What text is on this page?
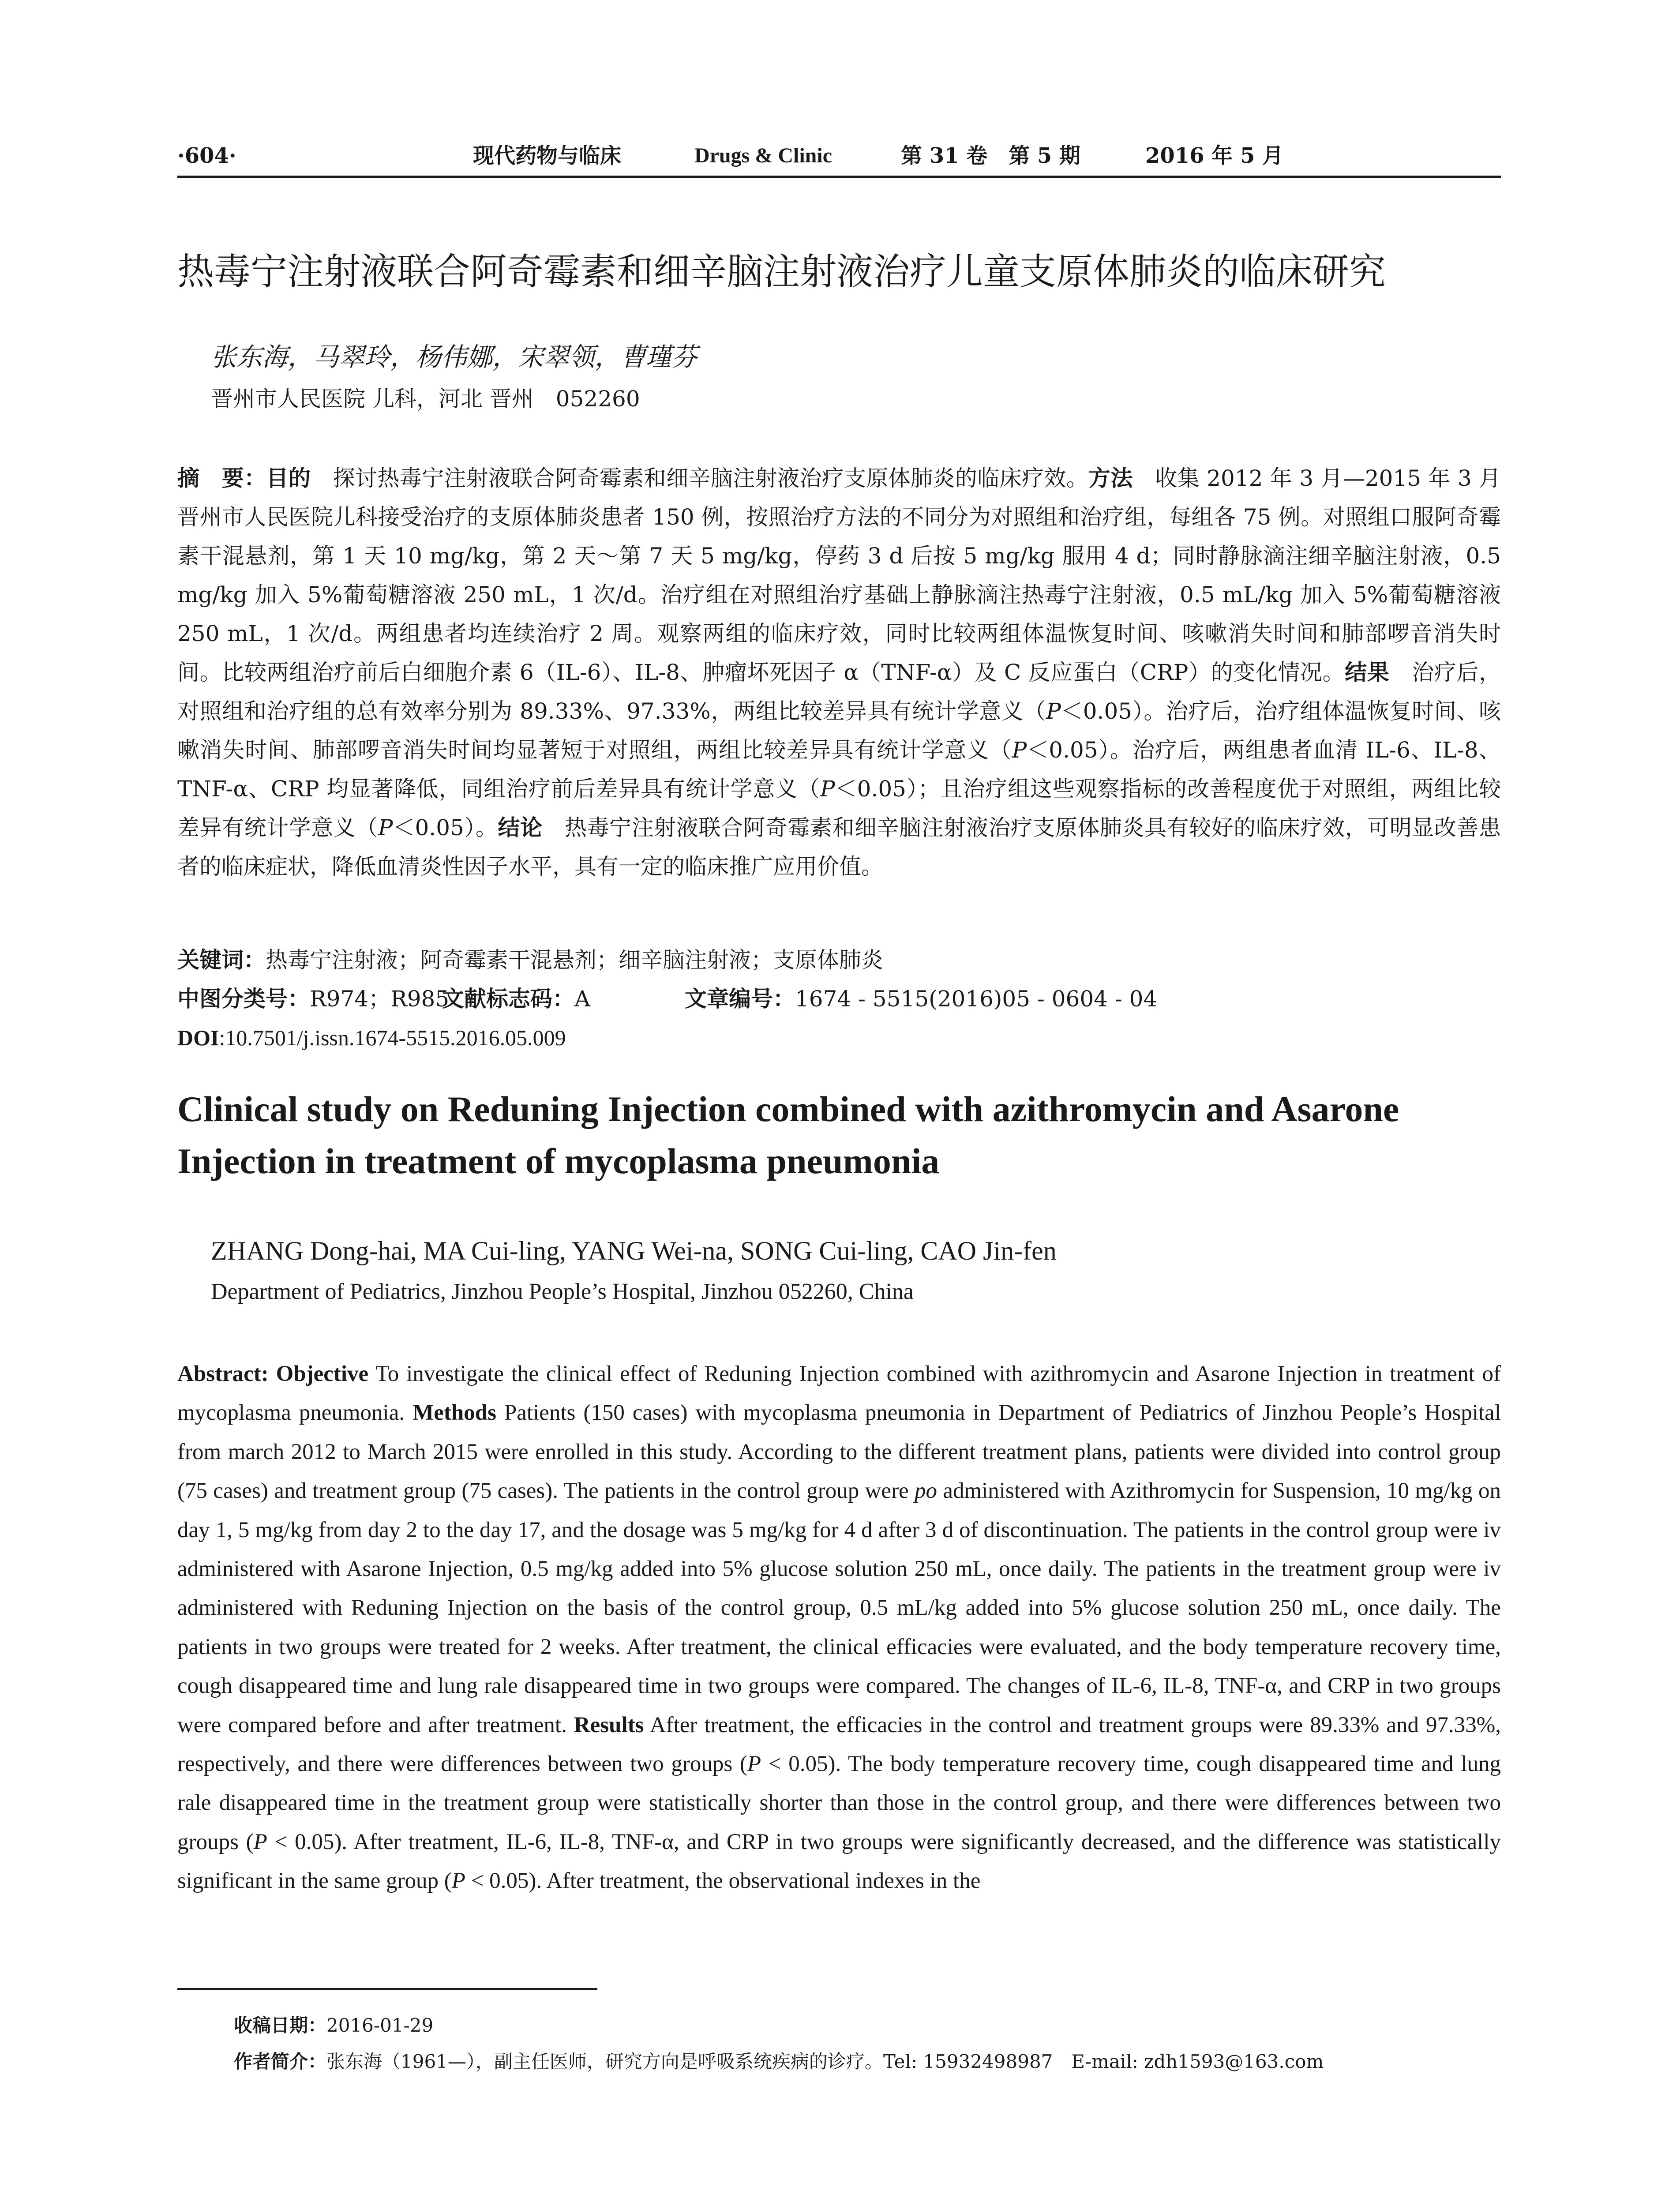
·604·	现代药物与临床	Drugs & Clinic	第 31 卷　第 5 期	2016 年 5 月
热毒宁注射液联合阿奇霉素和细辛脑注射液治疗儿童支原体肺炎的临床研究
张东海，马翠玲，杨伟娜，宋翠领，曹瑾芬
晋州市人民医院 儿科，河北 晋州　052260
摘　要：目的　探讨热毒宁注射液联合阿奇霉素和细辛脑注射液治疗支原体肺炎的临床疗效。方法　收集 2012 年 3 月—2015 年 3 月晋州市人民医院儿科接受治疗的支原体肺炎患者 150 例，按照治疗方法的不同分为对照组和治疗组，每组各 75 例。对照组口服阿奇霉素干混悬剂，第 1 天 10 mg/kg，第 2 天～第 7 天 5 mg/kg，停药 3 d 后按 5 mg/kg 服用 4 d；同时静脉滴注细辛脑注射液，0.5 mg/kg 加入 5%葡萄糖溶液 250 mL，1 次/d。治疗组在对照组治疗基础上静脉滴注热毒宁注射液，0.5 mL/kg 加入 5%葡萄糖溶液 250 mL，1 次/d。两组患者均连续治疗 2 周。观察两组的临床疗效，同时比较两组体温恢复时间、咳嗽消失时间和肺部啰音消失时间。比较两组治疗前后白细胞介素 6（IL-6）、IL-8、肿瘤坏死因子 α（TNF-α）及 C 反应蛋白（CRP）的变化情况。结果　治疗后，对照组和治疗组的总有效率分别为 89.33%、97.33%，两组比较差异具有统计学意义（P＜0.05）。治疗后，治疗组体温恢复时间、咳嗽消失时间、肺部啰音消失时间均显著短于对照组，两组比较差异具有统计学意义（P＜0.05）。治疗后，两组患者血清 IL-6、IL-8、TNF-α、CRP 均显著降低，同组治疗前后差异具有统计学意义（P＜0.05）；且治疗组这些观察指标的改善程度优于对照组，两组比较差异有统计学意义（P＜0.05）。结论　热毒宁注射液联合阿奇霉素和细辛脑注射液治疗支原体肺炎具有较好的临床疗效，可明显改善患者的临床症状，降低血清炎性因子水平，具有一定的临床推广应用价值。
关键词：热毒宁注射液；阿奇霉素干混悬剂；细辛脑注射液；支原体肺炎
中图分类号：R974；R985文献标志码：A	文章编号：1674 - 5515(2016)05 - 0604 - 04
DOI:10.7501/j.issn.1674-5515.2016.05.009
Clinical study on Reduning Injection combined with azithromycin and Asarone Injection in treatment of mycoplasma pneumonia
ZHANG Dong-hai, MA Cui-ling, YANG Wei-na, SONG Cui-ling, CAO Jin-fen
Department of Pediatrics, Jinzhou People’s Hospital, Jinzhou 052260, China
Abstract: Objective To investigate the clinical effect of Reduning Injection combined with azithromycin and Asarone Injection in treatment of mycoplasma pneumonia. Methods Patients (150 cases) with mycoplasma pneumonia in Department of Pediatrics of Jinzhou People’s Hospital from march 2012 to March 2015 were enrolled in this study. According to the different treatment plans, patients were divided into control group (75 cases) and treatment group (75 cases). The patients in the control group were po administered with Azithromycin for Suspension, 10 mg/kg on day 1, 5 mg/kg from day 2 to the day 17, and the dosage was 5 mg/kg for 4 d after 3 d of discontinuation. The patients in the control group were iv administered with Asarone Injection, 0.5 mg/kg added into 5% glucose solution 250 mL, once daily. The patients in the treatment group were iv administered with Reduning Injection on the basis of the control group, 0.5 mL/kg added into 5% glucose solution 250 mL, once daily. The patients in two groups were treated for 2 weeks. After treatment, the clinical efficacies were evaluated, and the body temperature recovery time, cough disappeared time and lung rale disappeared time in two groups were compared. The changes of IL-6, IL-8, TNF-α, and CRP in two groups were compared before and after treatment. Results After treatment, the efficacies in the control and treatment groups were 89.33% and 97.33%, respectively, and there were differences between two groups (P < 0.05). The body temperature recovery time, cough disappeared time and lung rale disappeared time in the treatment group were statistically shorter than those in the control group, and there were differences between two groups (P < 0.05). After treatment, IL-6, IL-8, TNF-α, and CRP in two groups were significantly decreased, and the difference was statistically significant in the same group (P < 0.05). After treatment, the observational indexes in the
收稿日期：2016-01-29
作者简介：张东海（1961—），副主任医师，研究方向是呼吸系统疾病的诊疗。Tel: 15932498987　E-mail: zdh1593@163.com
